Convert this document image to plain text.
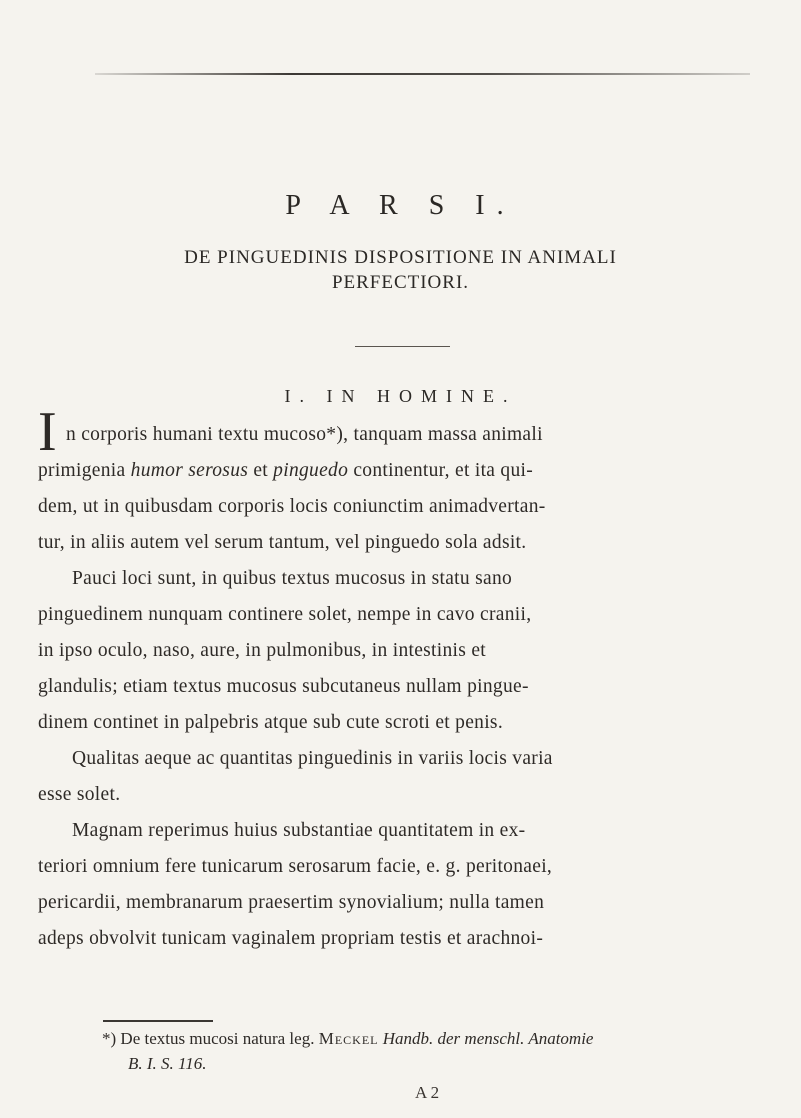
P A R S I.
DE PINGUEDINIS DISPOSITIONE IN ANIMALI
PERFECTIORI.
I. IN HOMINE.
I n corporis humani textu mucoso*), tanquam massa animali
primigenia humor serosus et pinguedo continentur, et ita qui-
dem, ut in quibusdam corporis locis coniunctim animadvertan-
tur, in aliis autem vel serum tantum, vel pinguedo sola adsit.
Pauci loci sunt, in quibus textus mucosus in statu sano
pinguedinem nunquam continere solet, nempe in cavo cranii,
in ipso oculo, naso, aure, in pulmonibus, in intestinis et
glandulis; etiam textus mucosus subcutaneus nullam pingue-
dinem continet in palpebris atque sub cute scroti et penis.
Qualitas aeque ac quantitas pinguedinis in variis locis varia
esse solet.
Magnam reperimus huius substantiae quantitatem in ex-
teriori omnium fere tunicarum serosarum facie, e. g. peritonaei,
pericardii, membranarum praesertim synovialium; nulla tamen
adeps obvolvit tunicam vaginalem propriam testis et arachnoi-
*) De textus mucosi natura leg. Meckel Handb. der menschl. Anatomie
B. I. S. 116.
A 2
